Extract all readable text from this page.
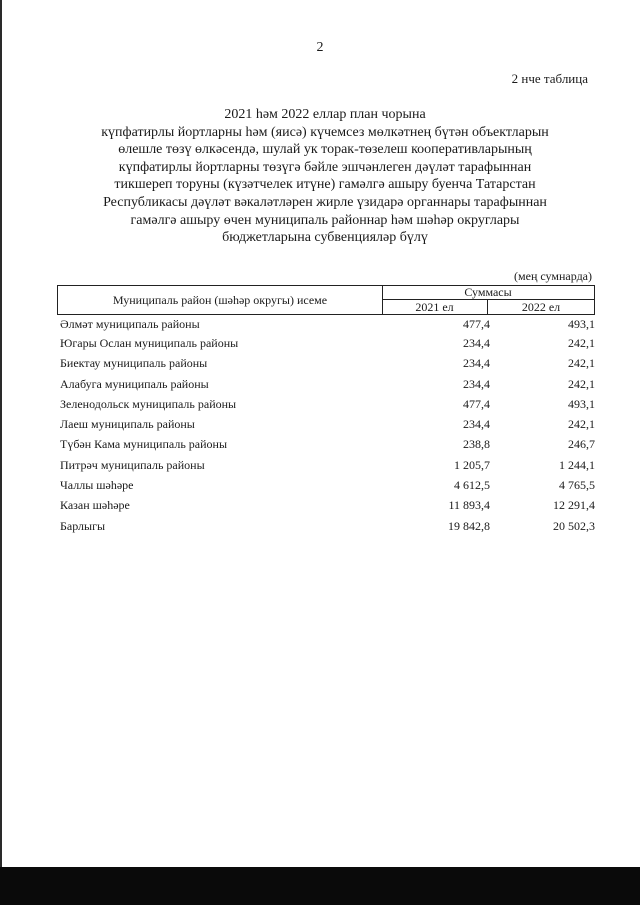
2
2 нче таблица
2021 һәм 2022 еллар план чорына
күпфатирлы йортларны һәм (яисә) күчемсез мөлкәтнең бүтән объектларын
өлешле төзү өлкәсендә, шулай ук торак-төзелеш кооперативларының
күпфатирлы йортларны төзүгә бәйле эшчәнлеген дәүләт тарафыннан
тикшереп торуны (күзәтчелек итүне) гамәлгә ашыру буенча Татарстан
Республикасы дәүләт вәкаләтләрен жирле үзидарә органнары тарафыннан
гамәлгә ашыру өчен муниципаль районнар һәм шәһәр округлары
бюджетларына субвенцияләр бүлү
(мең сумнарда)
Муниципаль район (шәһәр округы) исеме
Суммасы
2021 ел	2022 ел
Әлмәт муниципаль районы	477,4	493,1
Югары Ослан муниципаль районы	234,4	242,1
Биектау муниципаль районы	234,4	242,1
Алабуга муниципаль районы	234,4	242,1
Зеленодольск муниципаль районы	477,4	493,1
Лаеш муниципаль районы	234,4	242,1
Түбән Кама муниципаль районы	238,8	246,7
Питрәч муниципаль районы	1 205,7	1 244,1
Чаллы шәһәре	4 612,5	4 765,5
Казан шәһәре	11 893,4	12 291,4
Барлыгы	19 842,8	20 502,3
